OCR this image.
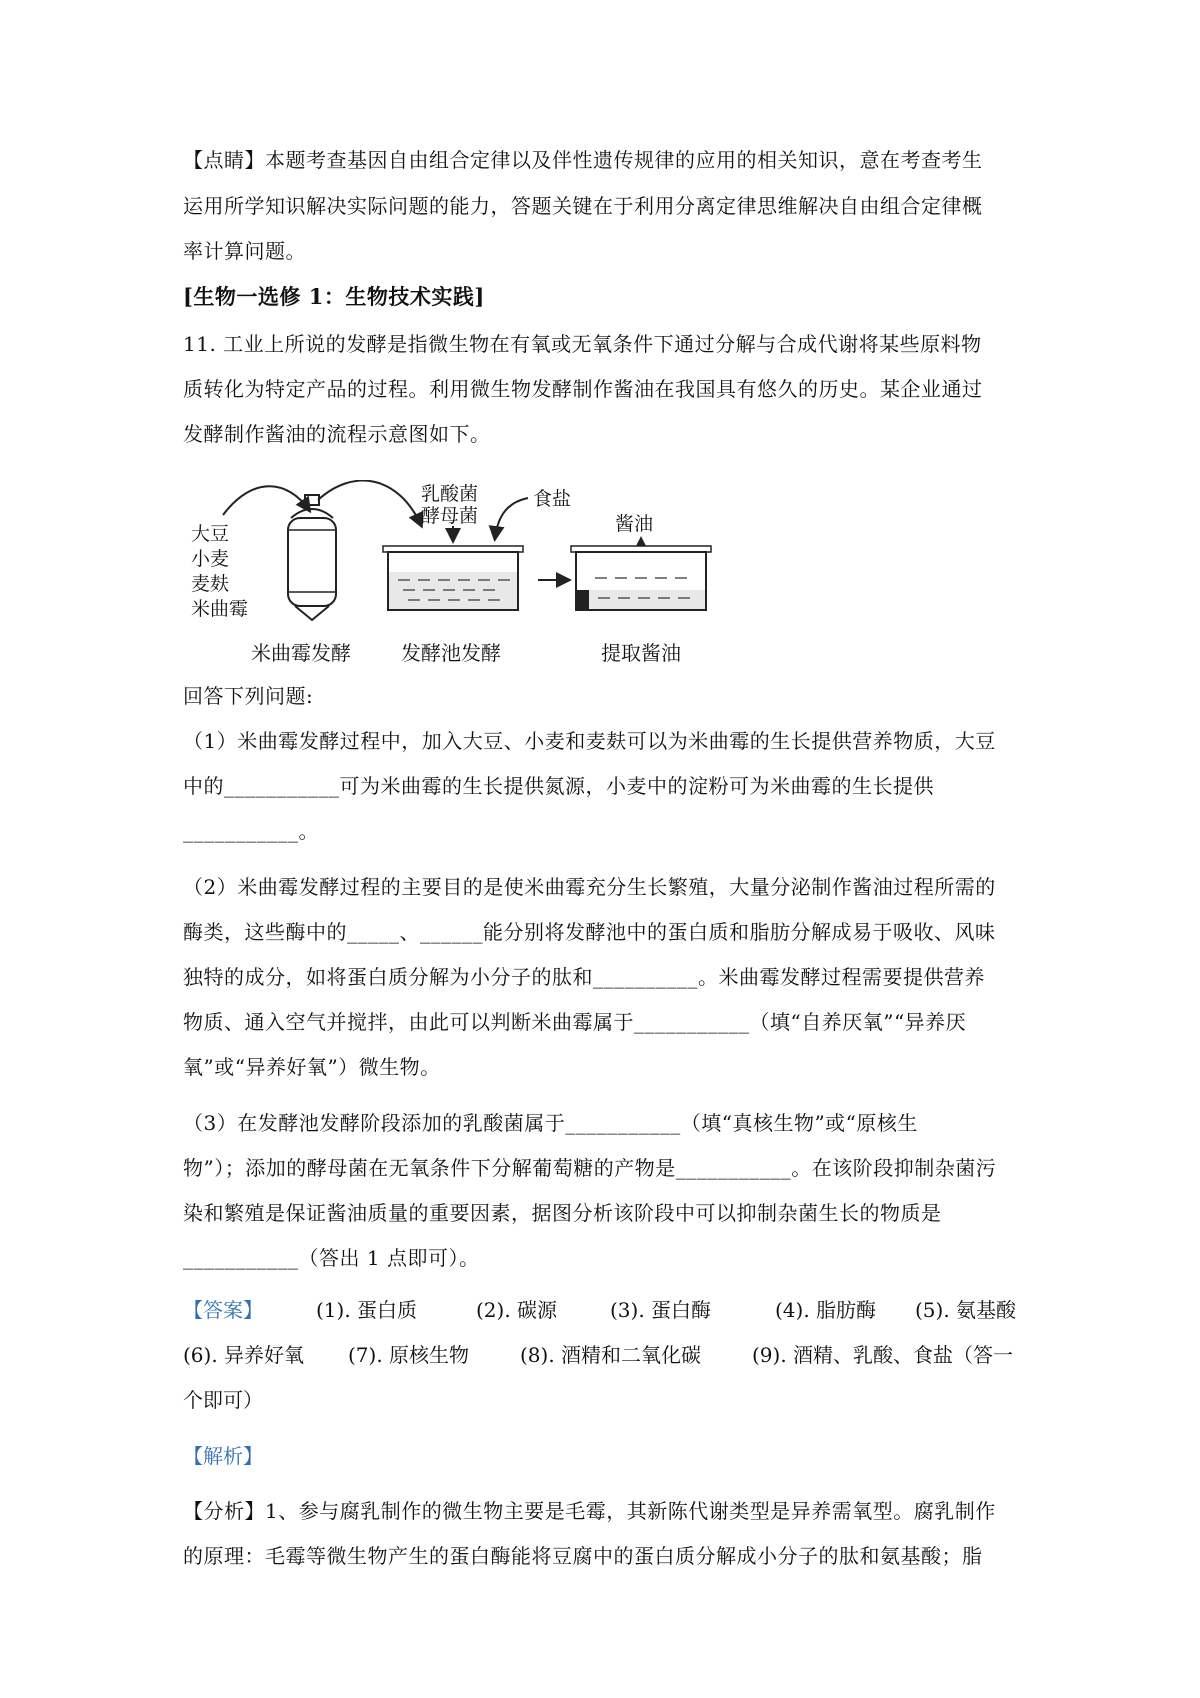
【点睛】本题考查基因自由组合定律以及伴性遗传规律的应用的相关知识，意在考查考生
运用所学知识解决实际问题的能力，答题关键在于利用分离定律思维解决自由组合定律概
率计算问题。
[生物一选修 1：生物技术实践]
11. 工业上所说的发酵是指微生物在有氧或无氧条件下通过分解与合成代谢将某些原料物
质转化为特定产品的过程。利用微生物发酵制作酱油在我国具有悠久的历史。某企业通过
发酵制作酱油的流程示意图如下。
大豆
小麦
麦麸
米曲霉
乳酸菌
酵母菌
食盐
酱油
米曲霉发酵	发酵池发酵	提取酱油
回答下列问题:
（1）米曲霉发酵过程中，加入大豆、小麦和麦麸可以为米曲霉的生长提供营养物质，大豆
中的___________可为米曲霉的生长提供氮源，小麦中的淀粉可为米曲霉的生长提供
___________。
（2）米曲霉发酵过程的主要目的是使米曲霉充分生长繁殖，大量分泌制作酱油过程所需的
酶类，这些酶中的_____、______能分别将发酵池中的蛋白质和脂肪分解成易于吸收、风味
独特的成分，如将蛋白质分解为小分子的肽和__________。米曲霉发酵过程需要提供营养
物质、通入空气并搅拌，由此可以判断米曲霉属于___________（填“自养厌氧”“异养厌
氧”或“异养好氧”）微生物。
（3）在发酵池发酵阶段添加的乳酸菌属于___________（填“真核生物”或“原核生
物”）；添加的酵母菌在无氧条件下分解葡萄糖的产物是___________。在该阶段抑制杂菌污
染和繁殖是保证酱油质量的重要因素，据图分析该阶段中可以抑制杂菌生长的物质是
___________（答出 1 点即可）。
【答案】	(1). 蛋白质	(2). 碳源	(3). 蛋白酶	(4). 脂肪酶 (5). 氨基酸
(6). 异养好氧 (7). 原核生物	(8). 酒精和二氧化碳	(9). 酒精、乳酸、食盐（答一
个即可）
【解析】
【分析】1、参与腐乳制作的微生物主要是毛霉，其新陈代谢类型是异养需氧型。腐乳制作
的原理：毛霉等微生物产生的蛋白酶能将豆腐中的蛋白质分解成小分子的肽和氨基酸；脂
